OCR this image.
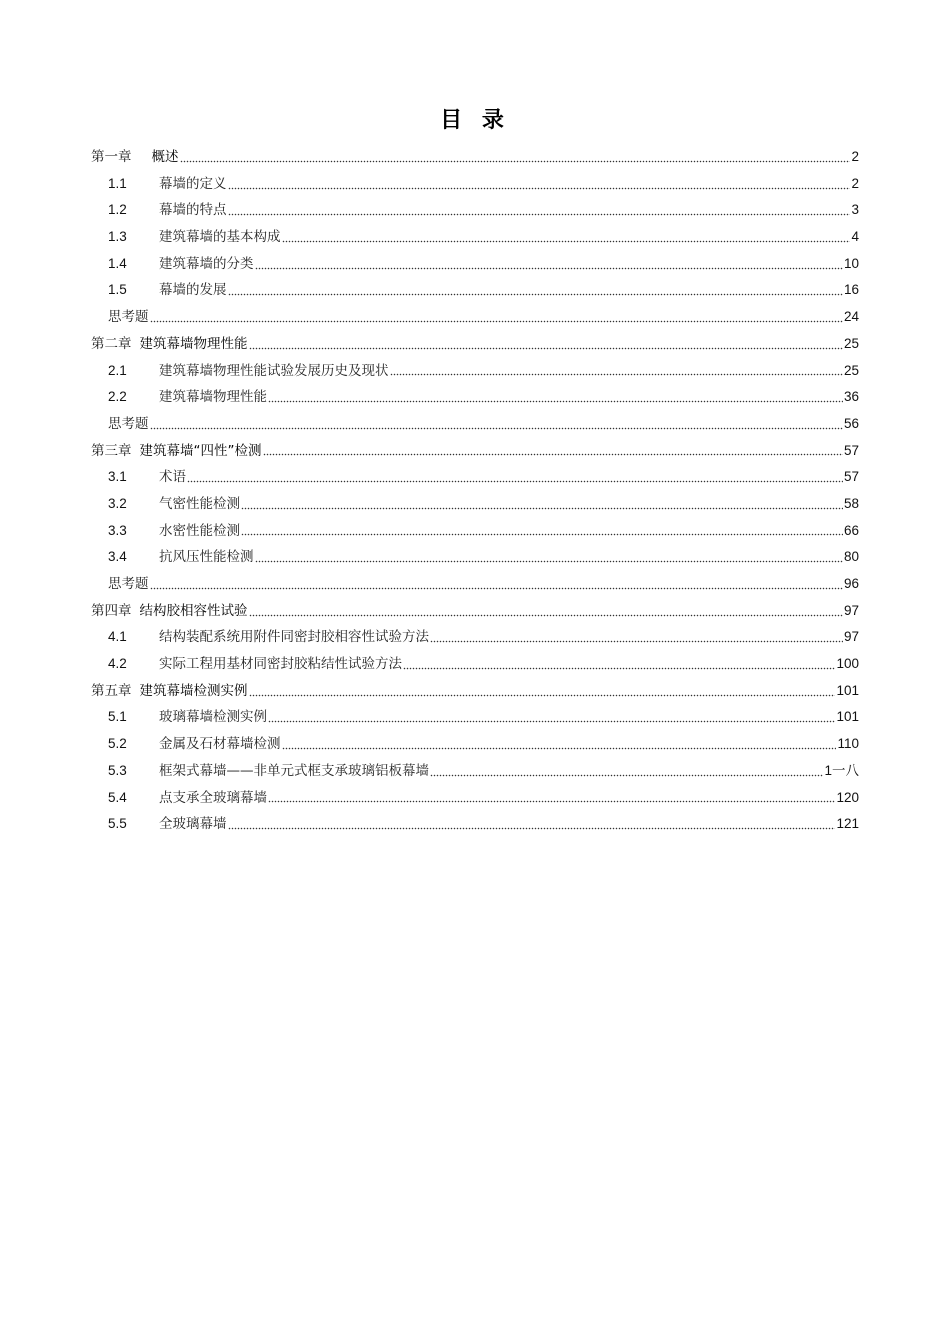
目 录
第一章 概述	2
1.1	幕墙的定义	2
1.2	幕墙的特点	3
1.3	建筑幕墙的基本构成	4
1.4	建筑幕墙的分类	10
1.5	幕墙的发展	16
思考题	24
第二章 建筑幕墙物理性能	25
2.1	建筑幕墙物理性能试验发展历史及现状	25
2.2	建筑幕墙物理性能	36
思考题	56
第三章 建筑幕墙“四性”检测	57
3.1	术语	57
3.2	气密性能检测	58
3.3	水密性能检测	66
3.4	抗风压性能检测	80
思考题	96
第四章 结构胶相容性试验	97
4.1	结构装配系统用附件同密封胶相容性试验方法	97
4.2	实际工程用基材同密封胶粘结性试验方法	100
第五章 建筑幕墙检测实例	101
5.1	玻璃幕墙检测实例	101
5.2	金属及石材幕墙检测	110
5.3	框架式幕墙——非单元式框支承玻璃铝板幕墙	1一八
5.4	点支承全玻璃幕墙	120
5.5	全玻璃幕墙	121
